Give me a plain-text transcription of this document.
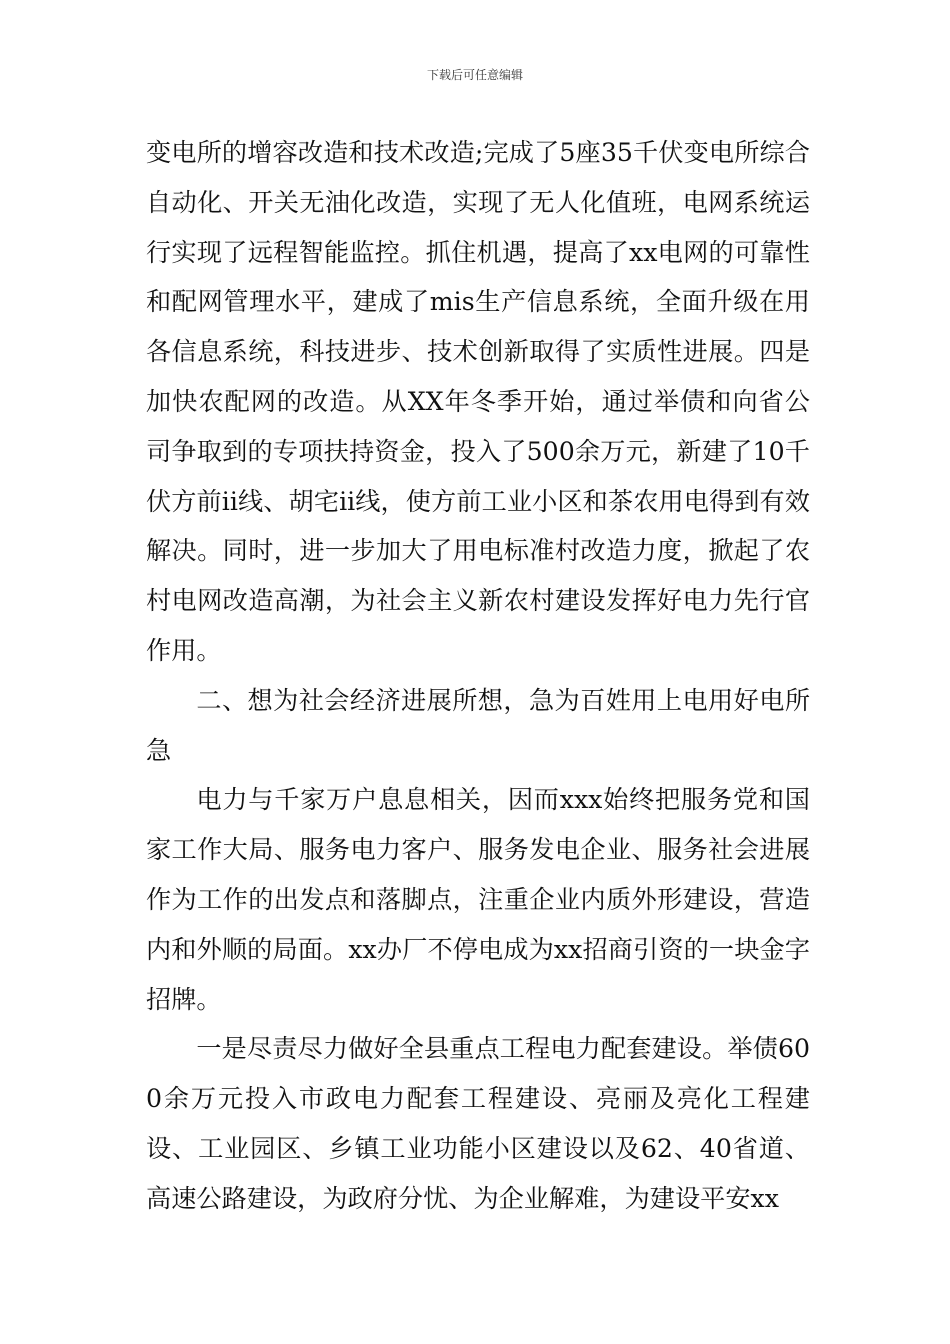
下载后可任意编辑

变电所的增容改造和技术改造;完成了5座35千伏变电所综合自动化、开关无油化改造，实现了无人化值班，电网系统运行实现了远程智能监控。抓住机遇，提高了xx电网的可靠性和配网管理水平，建成了mis生产信息系统，全面升级在用各信息系统，科技进步、技术创新取得了实质性进展。四是加快农配网的改造。从XX年冬季开始，通过举债和向省公司争取到的专项扶持资金，投入了500余万元，新建了10千伏方前ii线、胡宅ii线，使方前工业小区和茶农用电得到有效解决。同时，进一步加大了用电标准村改造力度，掀起了农村电网改造高潮，为社会主义新农村建设发挥好电力先行官作用。

二、想为社会经济进展所想，急为百姓用上电用好电所急

电力与千家万户息息相关，因而xxx始终把服务党和国家工作大局、服务电力客户、服务发电企业、服务社会进展作为工作的出发点和落脚点，注重企业内质外形建设，营造内和外顺的局面。xx办厂不停电成为xx招商引资的一块金字招牌。

一是尽责尽力做好全县重点工程电力配套建设。举债600余万元投入市政电力配套工程建设、亮丽及亮化工程建设、工业园区、乡镇工业功能小区建设以及62、40省道、高速公路建设，为政府分忧、为企业解难，为建设平安xx
